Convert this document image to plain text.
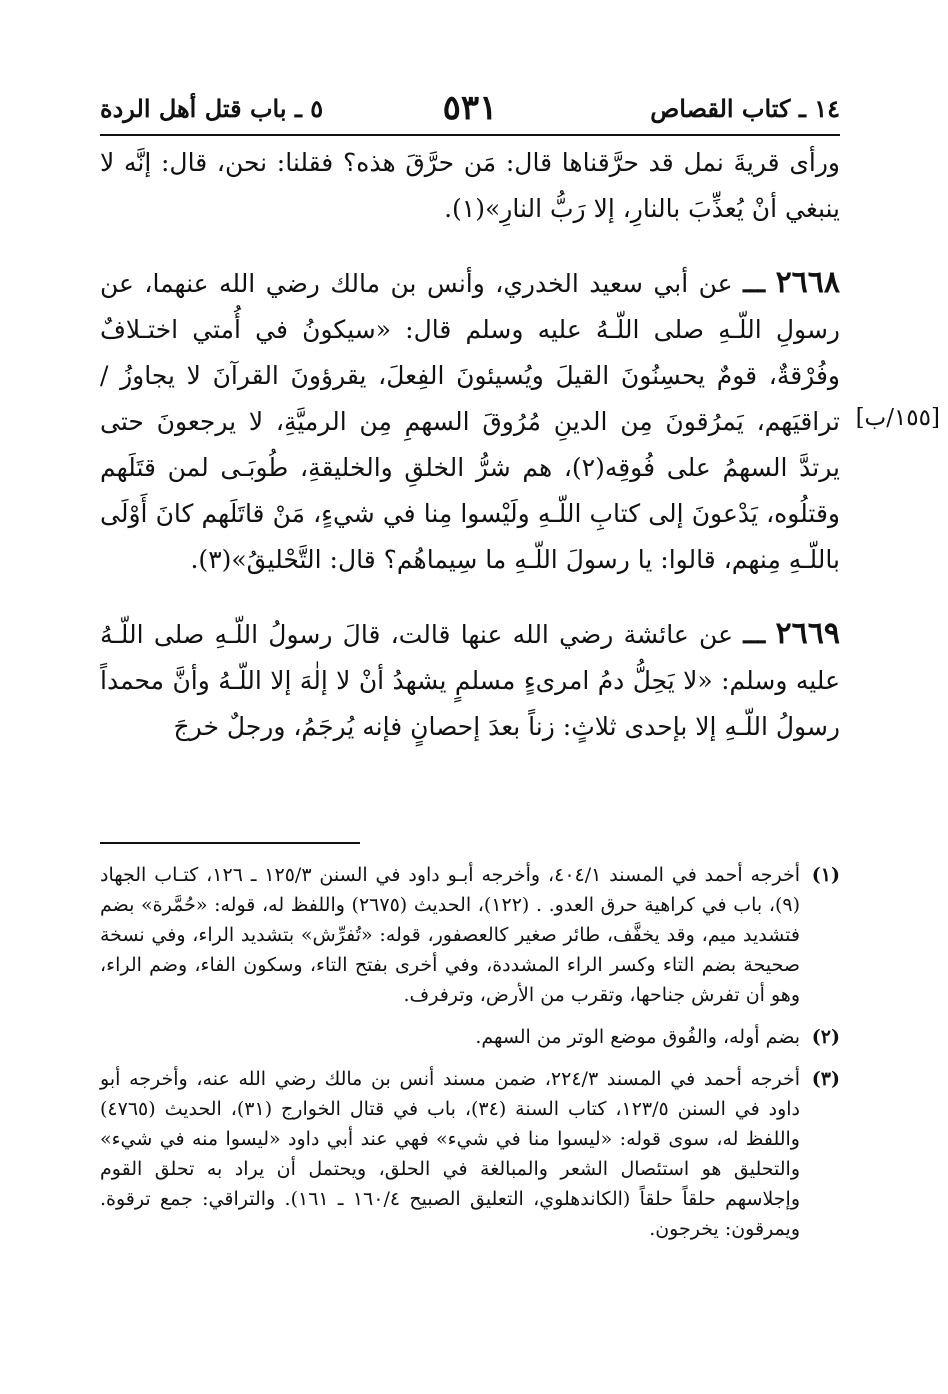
١٤ ـ كتاب القصاص
٥٣١
٥ ـ باب قتل أهل الردة

ورأى قريةَ نمل قد حرَّقناها قال: مَن حرَّقَ هذه؟ فقلنا: نحن، قال: إنَّه لا ينبغي أنْ يُعذِّبَ بالنارِ، إلا رَبُّ النارِ»(١).

٢٦٦٨ ـــ عن أبي سعيد الخدري، وأنس بن مالك رضي الله عنهما، عن رسولِ اللّـهِ صلى اللّـهُ عليه وسلم قال: «سيكونُ في أُمتي اختـلافٌ وفُرْقةٌ، قومٌ يحسِنُونَ القيلَ ويُسيئونَ الفِعلَ، يقرؤونَ القرآنَ لا يجاوزُ / تراقيَهم، يَمرُقونَ مِن الدينِ مُرُوقَ السهمِ مِن الرميَّةِ، لا يرجعونَ حتى يرتدَّ السهمُ على فُوقِه(٢)، هم شرُّ الخلقِ والخليقةِ، طُوبَـى لمن قتَلَهم وقتلُوه، يَدْعونَ إلى كتابِ اللّـهِ ولَيْسوا مِنا في شيءٍ، مَنْ قاتَلَهم كانَ أَوْلَى باللّـهِ مِنهم، قالوا: يا رسولَ اللّـهِ ما سِيماهُم؟ قال: التَّحْليقُ»(٣).

٢٦٦٩ ـــ عن عائشة رضي الله عنها قالت، قالَ رسولُ اللّـهِ صلى اللّـهُ عليه وسلم: «لا يَحِلُّ دمُ امرىءٍ مسلمٍ يشهدُ أنْ لا إلٰهَ إلا اللّـهُ وأنَّ محمداً رسولُ اللّـهِ إلا بإحدى ثلاثٍ: زناً بعدَ إحصانٍ فإنه يُرجَمُ، ورجلٌ خرجَ

[١٥٥/ب]
(١)
أخرجه أحمد في المسند ٤٠٤/١، وأخرجه أبـو داود في السنن ١٢٥/٣ ـ ١٢٦، كتـاب الجهاد (٩)، باب في كراهية حرق العدو. . (١٢٢)، الحديث (٢٦٧٥) واللفظ له، قوله: «حُمَّرة» بضم فتشديد ميم، وقد يخفَّف، طائر صغير كالعصفور، قوله: «تُفرِّش» بتشديد الراء، وفي نسخة صحيحة بضم التاء وكسر الراء المشددة، وفي أخرى بفتح التاء، وسكون الفاء، وضم الراء، وهو أن تفرش جناحها، وتقرب من الأرض، وترفرف.
(٢)
بضم أوله، والفُوق موضع الوتر من السهم.
(٣)
أخرجه أحمد في المسند ٢٢٤/٣، ضمن مسند أنس بن مالك رضي الله عنه، وأخرجه أبو داود في السنن ١٢٣/٥، كتاب السنة (٣٤)، باب في قتال الخوارج (٣١)، الحديث (٤٧٦٥) واللفظ له، سوى قوله: «ليسوا منا في شيء» فهي عند أبي داود «ليسوا منه في شيء» والتحليق هو استئصال الشعر والمبالغة في الحلق، ويحتمل أن يراد به تحلق القوم وإجلاسهم حلقاً حلقاً (الكاندهلوي، التعليق الصبيح ١٦٠/٤ ـ ١٦١). والتراقي: جمع ترقوة. ويمرقون: يخرجون.
